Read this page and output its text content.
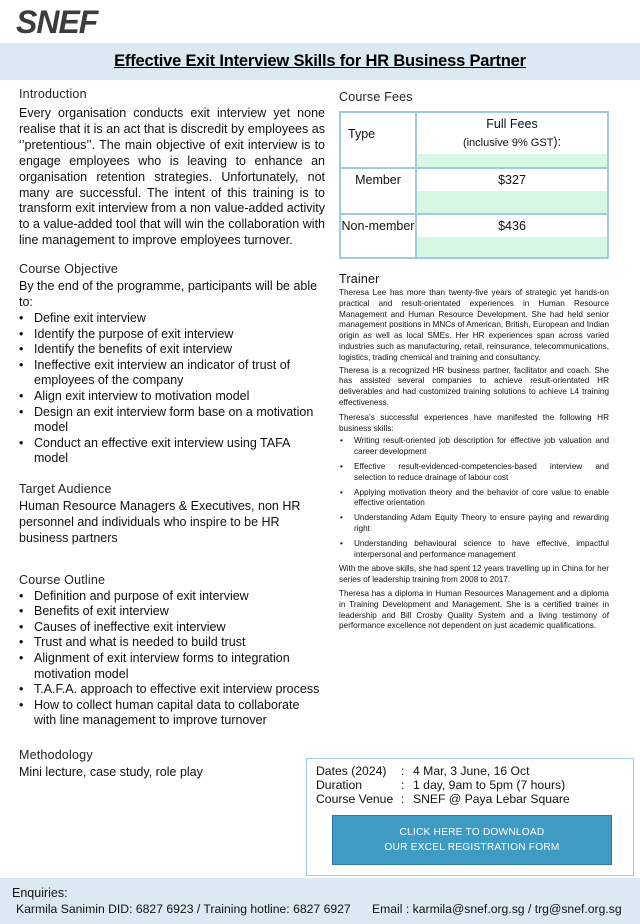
SNEF
Effective Exit Interview Skills for HR Business Partner
Introduction

Every organisation conducts exit interview yet none realise that it is an act that is discredit by employees as ‘’pretentious’’. The main objective of exit interview is to engage employees who is leaving to enhance an organisation retention strategies. Unfortunately, not many are successful. The intent of this training is to transform exit interview from a non value-added activity to a value-added tool that will win the collaboration with line management to improve employees turnover.

Course Objective

By the end of the programme, participants will be able to:

• Define exit interview
• Identify the purpose of exit interview
• Identify the benefits of exit interview
• Ineffective exit interview an indicator of trust of employees of the company
• Align exit interview to motivation model
• Design an exit interview form base on a motivation model
• Conduct an effective exit interview using TAFA model
Target Audience

Human Resource Managers & Executives, non HR personnel and individuals who inspire to be HR business partners

Course Outline
• Definition and purpose of exit interview
• Benefits of exit interview
• Causes of ineffective exit interview
• Trust and what is needed to build trust
• Alignment of exit interview forms to integration motivation model
• T.A.F.A. approach to effective exit interview process
• How to collect human capital data to collaborate with line management to improve turnover
Methodology

Mini lecture, case study, role play

Course Fees
Type	Full Fees
(inclusive 9% GST):

Member	$327

Non-member	$436
Trainer

Theresa Lee has more than twenty-five years of strategic yet hands-on practical and result-orientated experiences in Human Resource Management and Human Resource Development. She had held senior management positions in MNCs of American, British, European and Indian origin as well as local SMEs. Her HR experiences span across varied industries such as manufacturing, retail, reinsurance, telecommunications, logistics, trading chemical and training and consultancy.

Theresa is a recognized HR business partner, facilitator and coach. She has assisted several companies to achieve result-orientated HR deliverables and had customized training solutions to achieve L4 training effectiveness.

Theresa’s successful experiences have manifested the following HR business skills:

• Writing result-oriented job description for effective job valuation and career development
• Effective result-evidenced-competencies-based interview and selection to reduce drainage of labour cost
• Applying motivation theory and the behavior of core value to enable effective orientation
• Understanding Adam Equity Theory to ensure paying and rewarding right
• Understanding behavioural science to have effective, impactful interpersonal and performance management

With the above skills, she had spent 12 years travelling up in China for her series of leadership training from 2008 to 2017.

Theresa has a diploma in Human Resources Management and a diploma in Training Development and Management. She is a certified trainer in leadership and Bill Crosby Quality System and a living testimony of performance excellence not dependent on just academic qualifications.

Dates (2024) : 4 Mar, 3 June, 16 Oct
Duration	: 1 day, 9am to 5pm (7 hours)
Course Venue : SNEF @ Paya Lebar Square
CLICK HERE TO DOWNLOAD
OUR EXCEL REGISTRATION FORM
Enquiries:
Karmila Sanimin DID: 6827 6923 / Training hotline: 6827 6927 Email : karmila@snef.org.sg / trg@snef.org.sg
